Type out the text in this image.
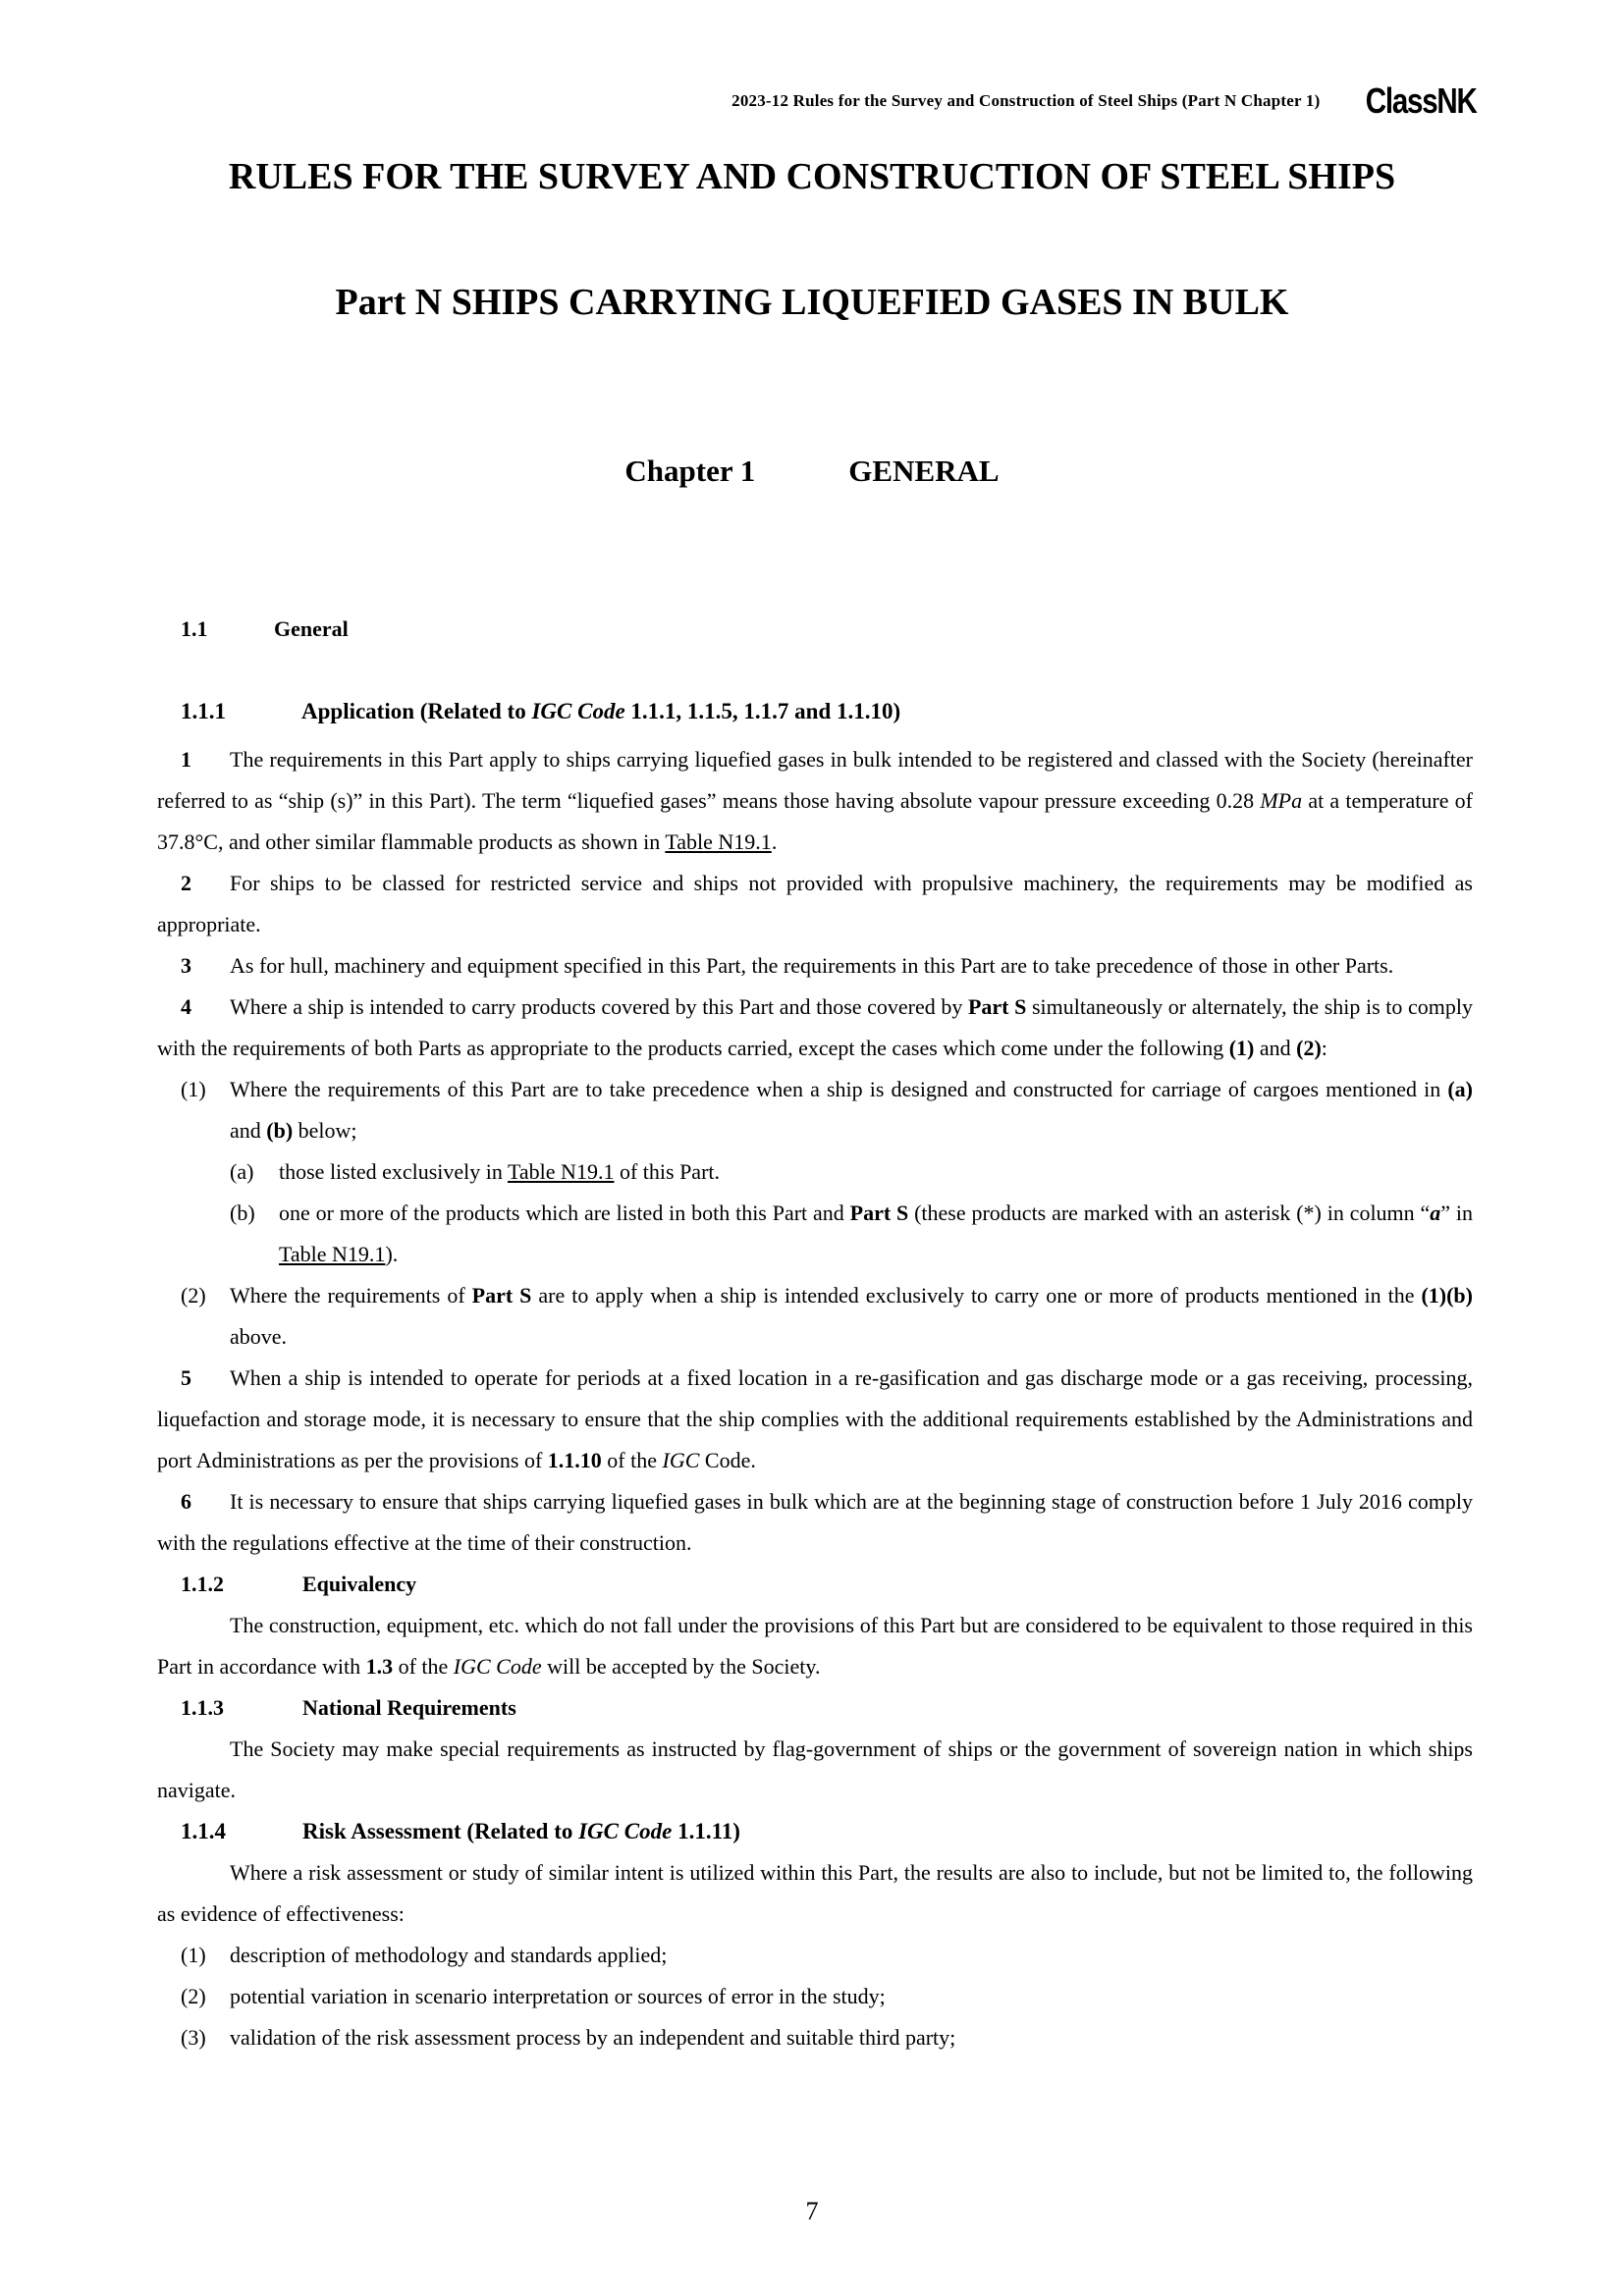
2023-12 Rules for the Survey and Construction of Steel Ships (Part N Chapter 1) ClassNK
RULES FOR THE SURVEY AND CONSTRUCTION OF STEEL SHIPS
Part N SHIPS CARRYING LIQUEFIED GASES IN BULK
Chapter 1	GENERAL
1.1	General
1.1.1	Application (Related to IGC Code 1.1.1, 1.1.5, 1.1.7 and 1.1.10)

1 The requirements in this Part apply to ships carrying liquefied gases in bulk intended to be registered and classed with the Society (hereinafter referred to as “ship (s)” in this Part). The term “liquefied gases” means those having absolute vapour pressure exceeding 0.28 MPa at a temperature of 37.8°C, and other similar flammable products as shown in Table N19.1.

2 For ships to be classed for restricted service and ships not provided with propulsive machinery, the requirements may be modified as appropriate.

3 As for hull, machinery and equipment specified in this Part, the requirements in this Part are to take precedence of those in other Parts.

4 Where a ship is intended to carry products covered by this Part and those covered by Part S simultaneously or alternately, the ship is to comply with the requirements of both Parts as appropriate to the products carried, except the cases which come under the following (1) and (2):

(1) Where the requirements of this Part are to take precedence when a ship is designed and constructed for carriage of cargoes mentioned in (a) and (b) below;

(a) those listed exclusively in Table N19.1 of this Part.

(b) one or more of the products which are listed in both this Part and Part S (these products are marked with an asterisk (*) in column “a” in Table N19.1).

(2) Where the requirements of Part S are to apply when a ship is intended exclusively to carry one or more of products mentioned in the (1)(b) above.

5 When a ship is intended to operate for periods at a fixed location in a re-gasification and gas discharge mode or a gas receiving, processing, liquefaction and storage mode, it is necessary to ensure that the ship complies with the additional requirements established by the Administrations and port Administrations as per the provisions of 1.1.10 of the IGC Code.

6 It is necessary to ensure that ships carrying liquefied gases in bulk which are at the beginning stage of construction before 1 July 2016 comply with the regulations effective at the time of their construction.

1.1.2	Equivalency

The construction, equipment, etc. which do not fall under the provisions of this Part but are considered to be equivalent to those required in this Part in accordance with 1.3 of the IGC Code will be accepted by the Society.

1.1.3	National Requirements

The Society may make special requirements as instructed by flag-government of ships or the government of sovereign nation in which ships navigate.

1.1.4	Risk Assessment (Related to IGC Code 1.1.11)

Where a risk assessment or study of similar intent is utilized within this Part, the results are also to include, but not be limited to, the following as evidence of effectiveness:

(1) description of methodology and standards applied;

(2) potential variation in scenario interpretation or sources of error in the study;

(3) validation of the risk assessment process by an independent and suitable third party;

7
